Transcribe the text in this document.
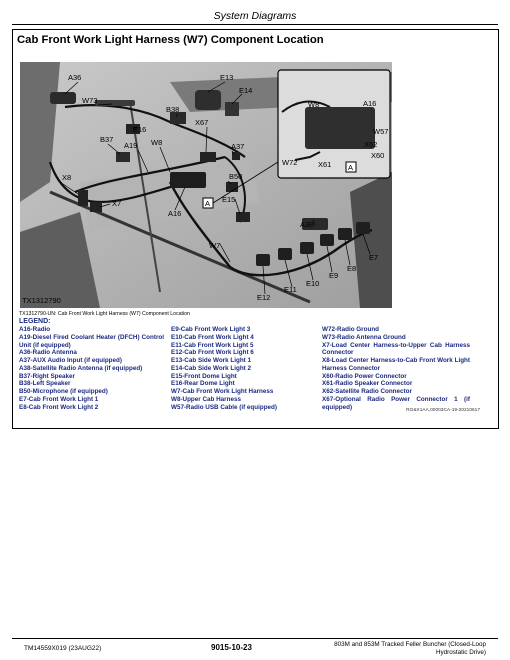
System Diagrams
Cab Front Work Light Harness (W7) Component Location
A36
W73
E13
E14
B38
E16
X67
B37
A19 W8	A37
X8	B50
X7
A16
A E15
W7
A38
E7
E8
E9
E10
E11
E12
W8	A16
W57
X62
X60
W72	X61 A
TX1312790
TX1312790-UN: Cab Front Work Light Harness (W7) Component Location
LEGEND:
A16-Radio
A19-Diesel Fired Coolant Heater (DFCH) Control Unit (if equipped)
A36-Radio Antenna
A37-AUX Audio Input (if equipped)
A38-Satellite Radio Antenna (if equipped)
B37-Right Speaker
B38-Left Speaker
B50-Microphone (if equipped)
E7-Cab Front Work Light 1
E8-Cab Front Work Light 2
E9-Cab Front Work Light 3
E10-Cab Front Work Light 4
E11-Cab Front Work Light 5
E12-Cab Front Work Light 6
E13-Cab Side Work Light 1
E14-Cab Side Work Light 2
E15-Front Dome Light
E16-Rear Dome Light
W7-Cab Front Work Light Harness
W8-Upper Cab Harness
W57-Radio USB Cable (if equipped)
W72-Radio Ground
W73-Radio Antenna Ground
X7-Load Center Harness-to-Upper Cab Harness Connector
X8-Load Center Harness-to-Cab Front Work Light Harness Connector
X60-Radio Power Connector
X61-Radio Speaker Connector
X62-Satellite Radio Connector
X67-Optional Radio Power Connector 1 (if equipped)	RG&X1AA,00003CA-19-20210617
TM14559X019 (23AUG22)	9015-10-23	803M and 853M Tracked Feller Buncher (Closed-Loop
Hydrostatic Drive)
